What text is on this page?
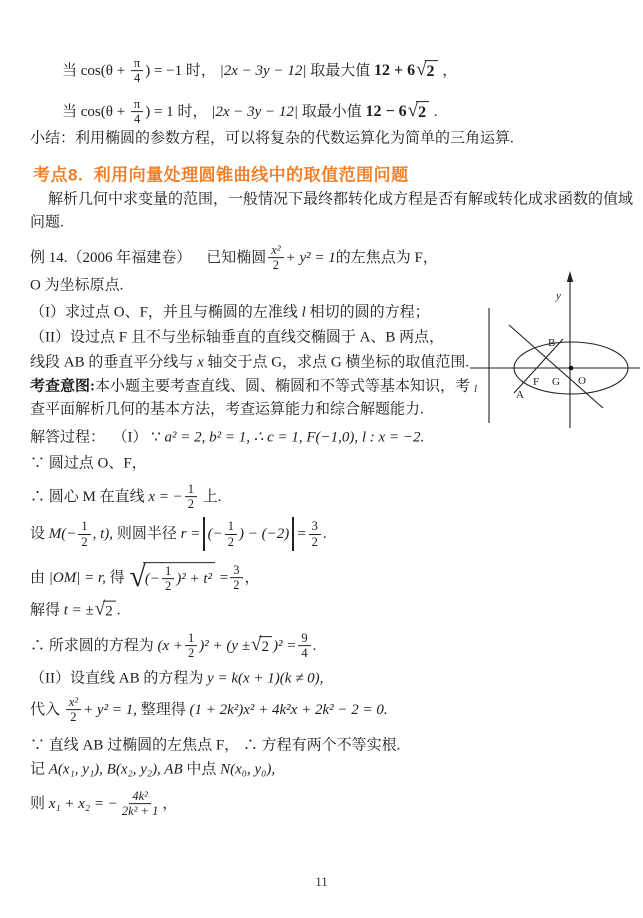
当 $\cos(\theta + \frac{\pi}{4}$ ) = −1 时， |2x − 3y − 12| 取最大值 12 + 6 √ 2 ，
当 $\cos(\theta + \frac{\pi}{4}$ ) = 1 时， |2x − 3y − 12| 取最小值 12 − 6 √ 2 .
小结：利用椭圆的参数方程，可以将复杂的代数运算化为简单的三角运算.
考点8.  利用向量处理圆锥曲线中的取值范围问题
解析几何中求变量的范围，一般情况下最终都转化成方程是否有解或转化成求函数的值域
问题.
例 14.（2006 年福建卷） 已知椭圆 $\frac{\text{x²}}{2} + y^2 = 1$ 的左焦点为 F，
O 为坐标原点.
（I）求过点 O、F，并且与椭圆的左准线 l 相切的圆的方程；
（II）设过点 F 且不与坐标轴垂直的直线交椭圆于 A、B 两点，
线段 AB 的垂直平分线与 x 轴交于点 G，求点 G 横坐标的取值范围.
考查意图: 本小题主要考查直线、圆、椭圆和不等式等基本知识，考
查平面解析几何的基本方法，考查运算能力和综合解题能力.
解答过程：  （I） ∵ a² = 2, b² = 1, ∴ c = 1, F(−1,0), l : x = −2.
∵ 圆过点 O、F，
∴ 圆心 M 在直线 x = − $\frac{1}{2}$ 上.
设 $M(- \frac{1}{2}$ , t), 则圆半径 r = (− $\frac{1}{2}$ ) − $(-2) = \frac{3}{2}$ .
由 |OM| = r, 得 √ (− $\frac{1}{2} )^2 + t^2 = \frac{3}{2}$ ，
解得 t = ± √ 2 .
∴ 所求圆的方程为 $(x + \frac{1}{2} )^2 + (y$ ± √ 2 )$^2 = \frac{9}{4}$ .
（II）设直线 AB 的方程为 y = k(x + 1)(k ≠ 0),
代入 $\frac{\text{x²}}{2} + y^2 = 1$, 整理得 (1 + 2k²)x² + 4k²x + 2k² − 2 = 0.
∵ 直线 AB 过椭圆的左焦点 F， ∴ 方程有两个不等实根.
记 A(x₁, y₁), B(x₂, y₂), AB 中点 N(x₀, y₀),
则 x₁ + x₂ = − $\frac{\text{4k²}}{\text{2k² + 1}}$ ，
y
B
A
F G O
l
11
